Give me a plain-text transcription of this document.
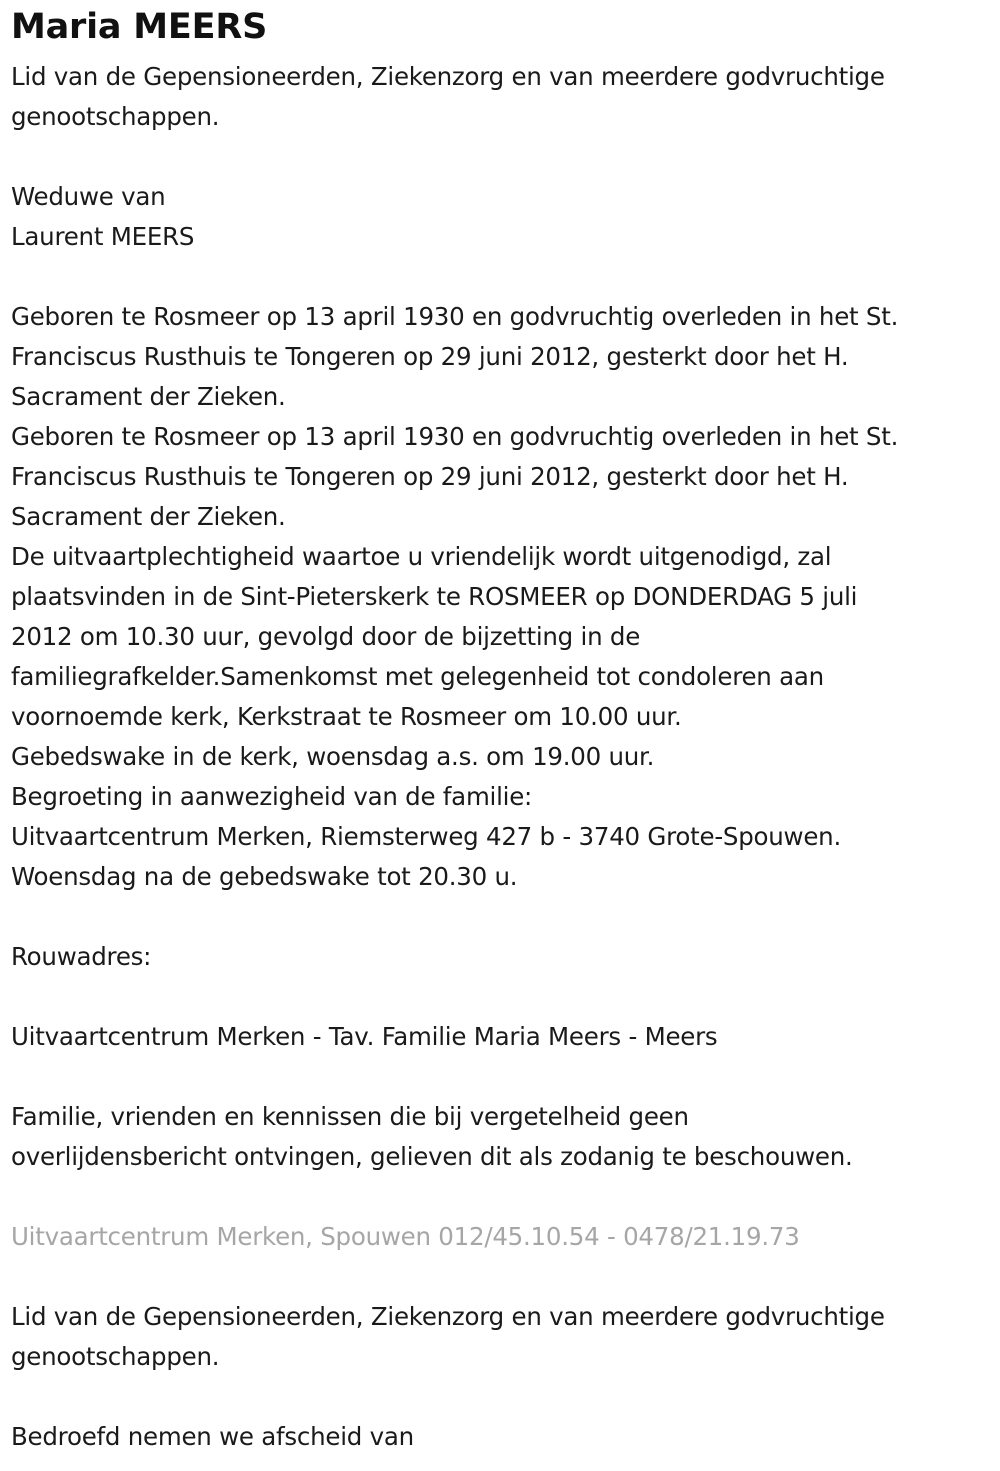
Maria MEERS

Lid van de Gepensioneerden, Ziekenzorg en van meerdere godvruchtige

genootschappen.

Weduwe van

Laurent MEERS

Geboren te Rosmeer op 13 april 1930 en godvruchtig overleden in het St.

Franciscus Rusthuis te Tongeren op 29 juni 2012, gesterkt door het H.

Sacrament der Zieken.

Geboren te Rosmeer op 13 april 1930 en godvruchtig overleden in het St.

Franciscus Rusthuis te Tongeren op 29 juni 2012, gesterkt door het H.

Sacrament der Zieken.

De uitvaartplechtigheid waartoe u vriendelijk wordt uitgenodigd, zal

plaatsvinden in de Sint-Pieterskerk te ROSMEER op DONDERDAG 5 juli

2012 om 10.30 uur, gevolgd door de bijzetting in de

familiegrafkelder.Samenkomst met gelegenheid tot condoleren aan

voornoemde kerk, Kerkstraat te Rosmeer om 10.00 uur.

Gebedswake in de kerk, woensdag a.s. om 19.00 uur.

Begroeting in aanwezigheid van de familie:

Uitvaartcentrum Merken, Riemsterweg 427 b - 3740 Grote-Spouwen.

Woensdag na de gebedswake tot 20.30 u.

Rouwadres:

Uitvaartcentrum Merken - Tav. Familie Maria Meers - Meers

Familie, vrienden en kennissen die bij vergetelheid geen

overlijdensbericht ontvingen, gelieven dit als zodanig te beschouwen.

Uitvaartcentrum Merken, Spouwen 012/45.10.54 - 0478/21.19.73

Lid van de Gepensioneerden, Ziekenzorg en van meerdere godvruchtige

genootschappen.

Bedroefd nemen we afscheid van
